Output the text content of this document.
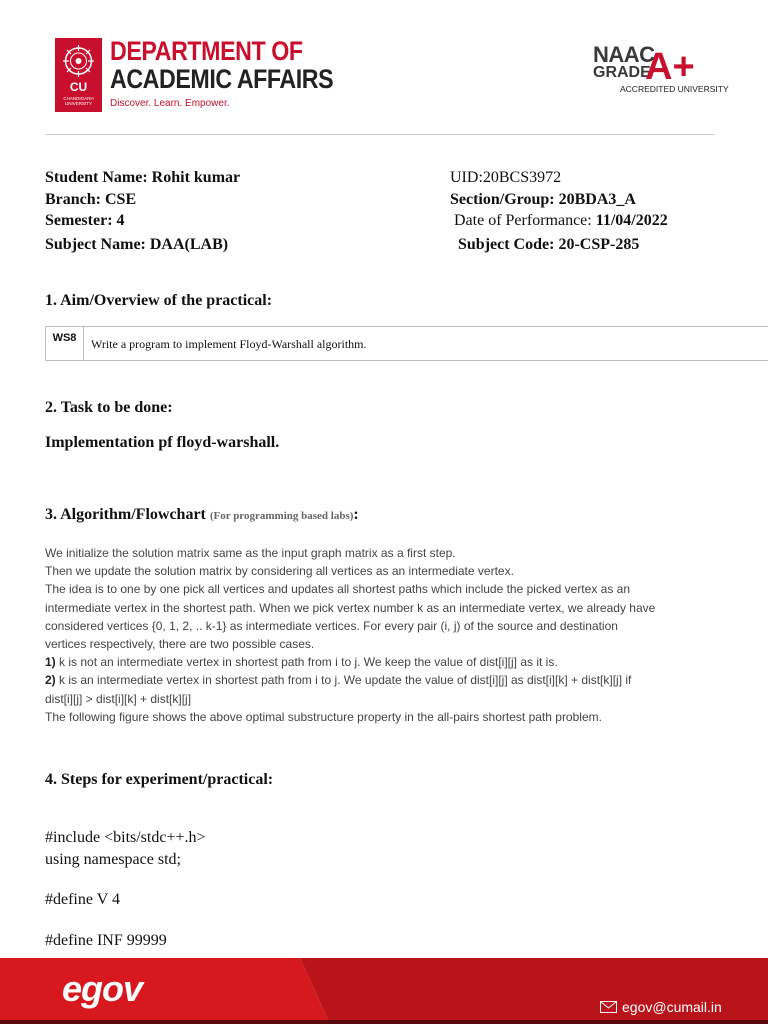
CU
CHANDIGARH UNIVERSITY
DEPARTMENT OF
ACADEMIC AFFAIRS
Discover. Learn. Empower.
NAAC
GRADE
A+
ACCREDITED UNIVERSITY
Student Name: Rohit kumar	UID:20BCS3972
Branch: CSE	Section/Group: 20BDA3_A
Semester: 4	Date of Performance: 11/04/2022
Subject Name: DAA(LAB)	Subject Code: 20-CSP-285
1. Aim/Overview of the practical:
WS8	Write a program to implement Floyd-Warshall algorithm.
2. Task to be done:
Implementation pf floyd-warshall.
3. Algorithm/Flowchart (For programming based labs):

We initialize the solution matrix same as the input graph matrix as a first step.

Then we update the solution matrix by considering all vertices as an intermediate vertex.

The idea is to one by one pick all vertices and updates all shortest paths which include the picked vertex as an

intermediate vertex in the shortest path. When we pick vertex number k as an intermediate vertex, we already have

considered vertices {0, 1, 2, .. k-1} as intermediate vertices. For every pair (i, j) of the source and destination

vertices respectively, there are two possible cases.

1) k is not an intermediate vertex in shortest path from i to j. We keep the value of dist[i][j] as it is.

2) k is an intermediate vertex in shortest path from i to j. We update the value of dist[i][j] as dist[i][k] + dist[k][j] if

dist[i][j] > dist[i][k] + dist[k][j]

The following figure shows the above optimal substructure property in the all-pairs shortest path problem.

4. Steps for experiment/practical:
#include <bits/stdc++.h>
using namespace std;
#define V 4
#define INF 99999
egov	egov@cumail.in
